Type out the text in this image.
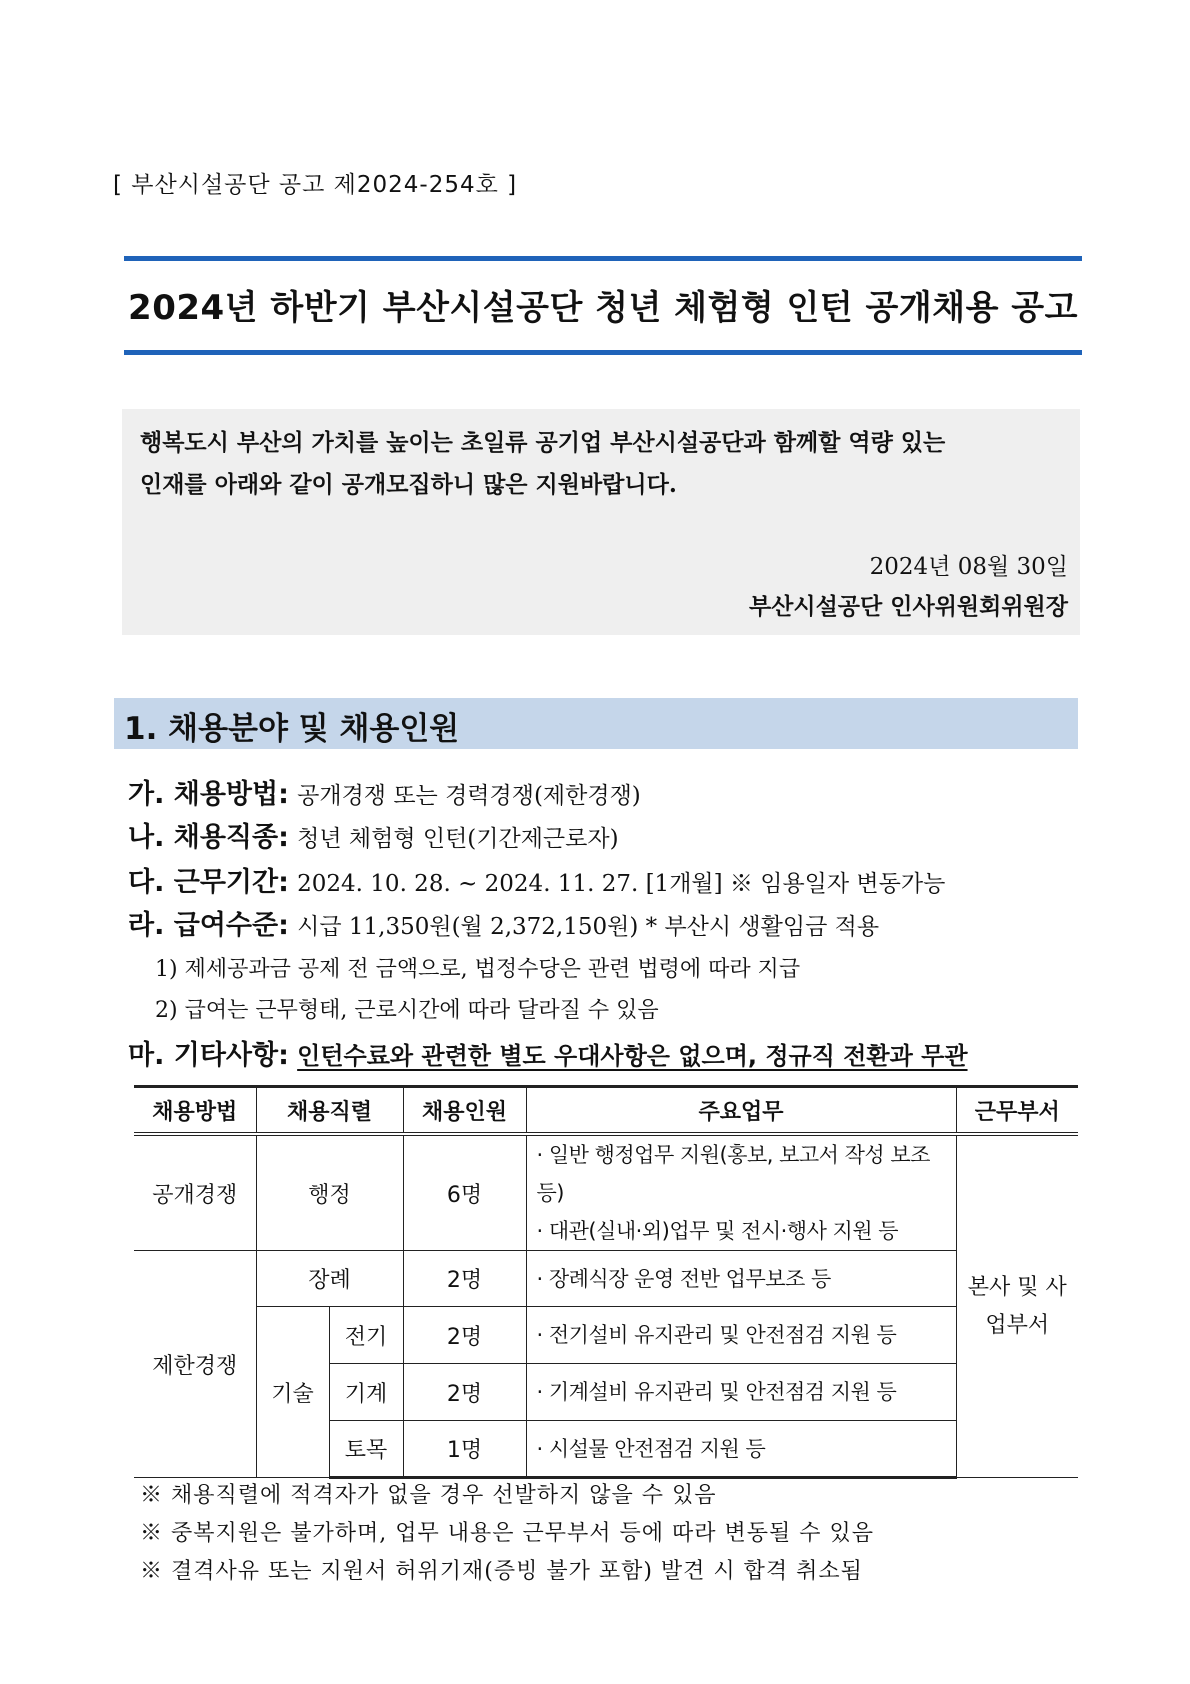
[ 부산시설공단 공고 제2024-254호 ]
2024년 하반기 부산시설공단 청년 체험형 인턴 공개채용 공고
행복도시 부산의 가치를 높이는 초일류 공기업 부산시설공단과 함께할 역량 있는
인재를 아래와 같이 공개모집하니 많은 지원바랍니다.
2024년 08월 30일
부산시설공단 인사위원회위원장
1. 채용분야 및 채용인원
가. 채용방법: 공개경쟁 또는 경력경쟁(제한경쟁)
나. 채용직종: 청년 체험형 인턴(기간제근로자)
다. 근무기간: 2024. 10. 28. ~ 2024. 11. 27. [1개월] ※ 임용일자 변동가능
라. 급여수준: 시급 11,350원(월 2,372,150원) * 부산시 생활임금 적용
1) 제세공과금 공제 전 금액으로, 법정수당은 관련 법령에 따라 지급
2) 급여는 근무형태, 근로시간에 따라 달라질 수 있음
마. 기타사항: 인턴수료와 관련한 별도 우대사항은 없으며, 정규직 전환과 무관
채용방법	채용직렬		채용인원	주요업무	근무부서
공개경쟁	행정		6명	· 일반 행정업무 지원(홍보, 보고서 작성 보조 등)
· 대관(실내·외)업무 및 전시·행사 지원 등	본사 및 사업부서

제한경쟁	장례		2명	· 장례식장 운영 전반 업무보조 등	
	기술	전기	2명	· 전기설비 유지관리 및 안전점검 지원 등	
		기계	2명	· 기계설비 유지관리 및 안전점검 지원 등	
		토목	1명	· 시설물 안전점검 지원 등	
※ 채용직렬에 적격자가 없을 경우 선발하지 않을 수 있음
※ 중복지원은 불가하며, 업무 내용은 근무부서 등에 따라 변동될 수 있음
※ 결격사유 또는 지원서 허위기재(증빙 불가 포함) 발견 시 합격 취소됨
